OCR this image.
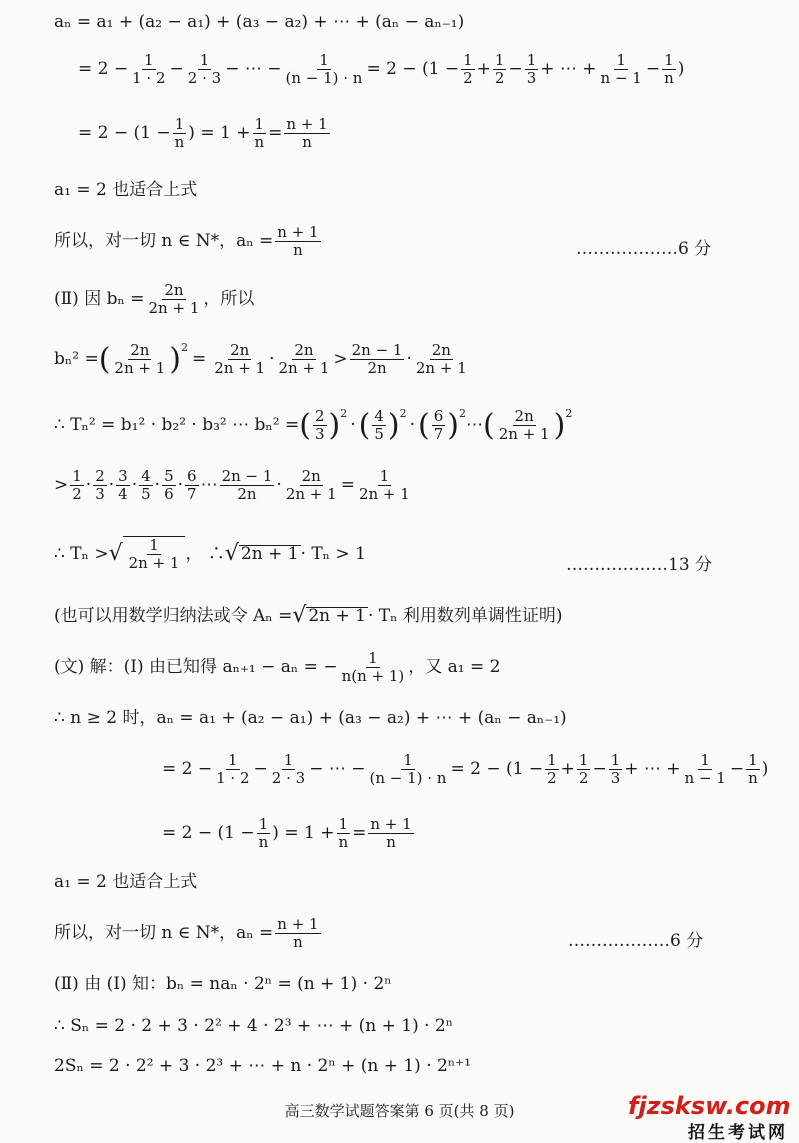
aₙ = a₁ + (a₂ − a₁) + (a₃ − a₂) + ⋯ + (aₙ − aₙ₋₁)
= $2 - \frac{1}{1 \cdot 2} - \frac{1}{2 \cdot 3}$ − ⋯ − $\frac{1}{(n - 1) \cdot n} = 2 - (1 - \frac{1}{2} + \frac{1}{2} - \frac{1}{3}$ + ⋯ + $\frac{1}{n - 1} - \frac{1}{n}$ )
= $2 - (1 - \frac{1}{n}$ ) = $1 + \frac{1}{n} = \frac{n + 1}{n}$
a₁ = 2 也适合上式
所以，对一切 n ∈ N*，$a_n = \frac{n + 1}{n}$	………………6 分
(Ⅱ) 因 $b_n = \frac{2n}{2n + 1}$ ，所以
bₙ² = ( $\frac{2n}{2n + 1} )^2$
= $\frac{2n}{2n + 1} \cdot \frac{2n}{2n + 1} > \frac{2n - 1}{2n} \cdot \frac{2n}{2n + 1}$
∴ Tₙ² = b₁² · b₂² · b₃² ⋯ bₙ² = ( $\frac{2}{3} )^2$
· ( $\frac{4}{5} )^2$
· ( $\frac{6}{7} )^2$
⋯ ( $\frac{2n}{2n + 1} )^2$
> $\frac{1}{2} \cdot \frac{2}{3} \cdot \frac{3}{4} \cdot \frac{4}{5} \cdot \frac{5}{6} \cdot \frac{6}{7}$ ⋯ $\frac{2n - 1}{2n} \cdot \frac{2n}{2n + 1} = \frac{1}{2n + 1}$
∴ Tₙ > √ $\frac{1}{2n + 1}$ ， ∴ √ 2n + 1 · Tₙ > 1
………………13 分
(也可以用数学归纳法或令 Aₙ = √ 2n + 1 · Tₙ 利用数列单调性证明)
(文) 解：(Ⅰ) 由已知得 aₙ₊₁ − aₙ = − $\frac{1}{n(n + 1)}$ ，又 a₁ = 2
∴ n ≥ 2 时，aₙ = a₁ + (a₂ − a₁) + (a₃ − a₂) + ⋯ + (aₙ − aₙ₋₁)
= $2 - \frac{1}{1 \cdot 2} - \frac{1}{2 \cdot 3}$ − ⋯ − $\frac{1}{(n - 1) \cdot n} = 2 - (1 - \frac{1}{2} + \frac{1}{2} - \frac{1}{3}$ + ⋯ + $\frac{1}{n - 1} - \frac{1}{n}$ )
= $2 - (1 - \frac{1}{n}$ ) = $1 + \frac{1}{n} = \frac{n + 1}{n}$
a₁ = 2 也适合上式
所以，对一切 n ∈ N*，$a_n = \frac{n + 1}{n}$	………………6 分
(Ⅱ) 由 (Ⅰ) 知：bₙ = naₙ · 2ⁿ = (n + 1) · 2ⁿ
∴ Sₙ = 2 · 2 + 3 · 2² + 4 · 2³ + ⋯ + (n + 1) · 2ⁿ
2Sₙ = 2 · 2² + 3 · 2³ + ⋯ + n · 2ⁿ + (n + 1) · 2ⁿ⁺¹
高三数学试题答案第 6 页(共 8 页)	fjzsksw.com
招生考试网
